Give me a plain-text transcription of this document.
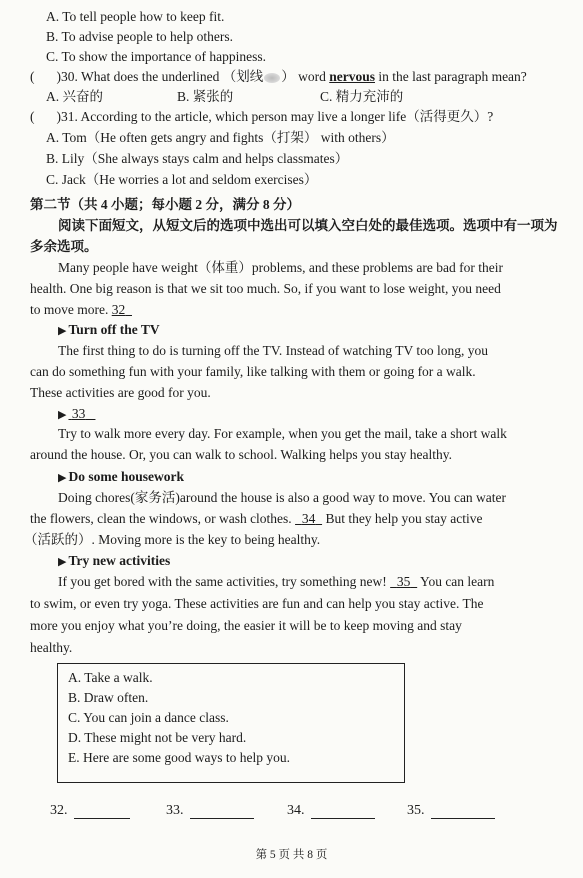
A. To tell people how to keep fit.
B. To advise people to help others.
C. To show the importance of happiness.
( )30. What does the underlined （划线 ） word nervous in the last paragraph mean?
A. 兴奋的	B. 紧张的	C. 精力充沛的
( )31. According to the article, which person may live a longer life（活得更久）?
A. Tom（He often gets angry and fights（打架） with others）
B. Lily（She always stays calm and helps classmates）
C. Jack（He worries a lot and seldom exercises）
第二节（共 4 小题；每小题 2 分，满分 8 分）
阅读下面短文，从短文后的选项中选出可以填入空白处的最佳选项。选项中有一项为
多余选项。
Many people have weight（体重）problems, and these problems are bad for their
health. One big reason is that we sit too much. So, if you want to lose weight, you need
to move more. 32
▶ Turn off the TV
The first thing to do is turning off the TV. Instead of watching TV too long, you
can do something fun with your family, like talking with them or going for a walk.
These activities are good for you.
▶ 33
Try to walk more every day. For example, when you get the mail, take a short walk
around the house. Or, you can walk to school. Walking helps you stay healthy.
▶ Do some housework
Doing chores(家务活)around the house is also a good way to move. You can water
the flowers, clean the windows, or wash clothes. 34 But they help you stay active
（活跃的）. Moving more is the key to being healthy.
▶ Try new activities
If you get bored with the same activities, try something new! 35 You can learn
to swim, or even try yoga. These activities are fun and can help you stay active. The
more you enjoy what you’re doing, the easier it will be to keep moving and stay
healthy.
A. Take a walk.
B. Draw often.
C. You can join a dance class.
D. These might not be very hard.
E. Here are some good ways to help you.
32.	33.	34.	35.
第 5 页 共 8 页
